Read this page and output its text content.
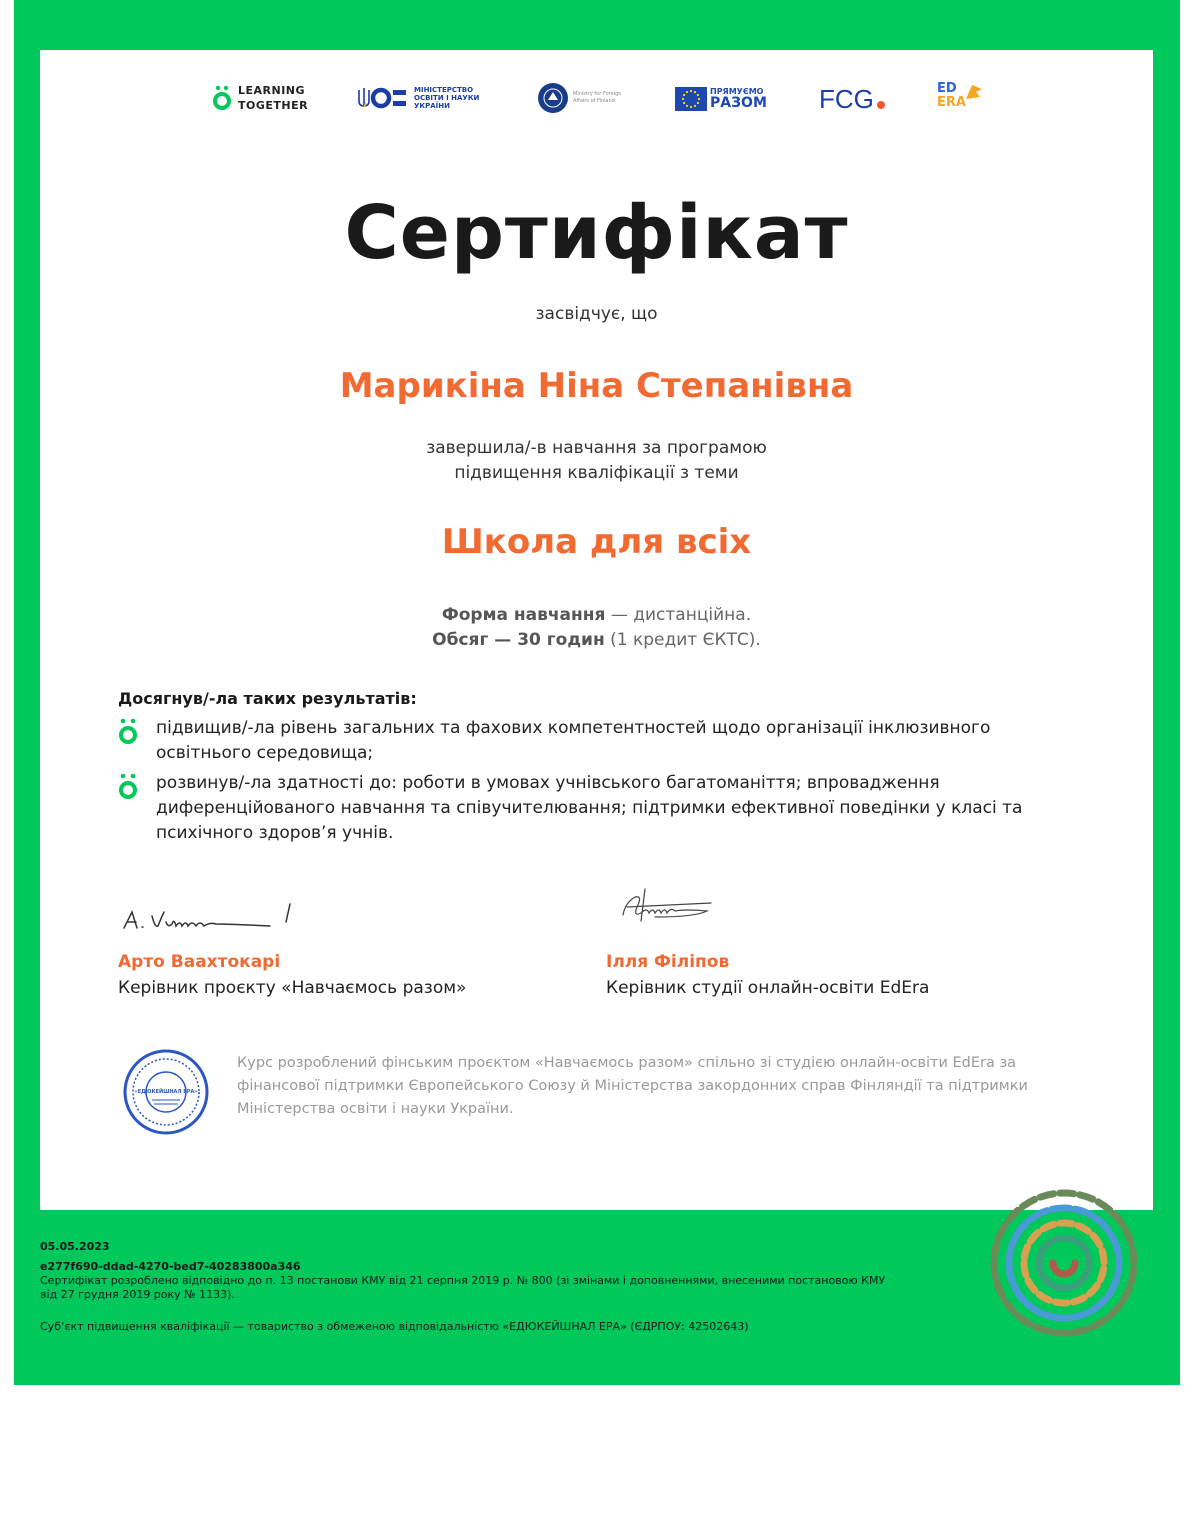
LEARNING
TOGETHER
МІНІСТЕРСТВО
ОСВІТИ І НАУКИ
УКРАЇНИ
Ministry for Foreign
Affairs of Finland
ПРЯМУЄМО
РАЗОМ FCG	ED
ERA
Сертифікат
засвідчує, що
Марикіна Ніна Степанівна
завершила/-в навчання за програмою
підвищення кваліфікації з теми
Школа для всіх
Форма навчання — дистанційна.
Обсяг — 30 годин (1 кредит ЄКТС).
Досягнув/-ла таких результатів:
підвищив/-ла рівень загальних та фахових компетентностей щодо організації інклюзивного освітнього середовища;
розвинув/-ла здатності до: роботи в умовах учнівського багатоманіття; впровадження диференційованого навчання та співучителювання; підтримки ефективної поведінки у класі та психічного здоров’я учнів.
Арто Ваахтокарі
Керівник проєкту «Навчаємось разом»
Ілля Філіпов
Керівник студії онлайн-освіти EdEra
«ЕДЮКЕЙШНАЛ ЕРА»
Курс розроблений фінським проєктом «Навчаємось разом» спільно зі студією онлайн-освіти EdEra за фінансової підтримки Європейського Союзу й Міністерства закордонних справ Фінляндії та підтримки Міністерства освіти і науки України.
05.05.2023
e277f690-ddad-4270-bed7-40283800a346
Сертифікат розроблено відповідно до п. 13 постанови КМУ від 21 серпня 2019 р. № 800 (зі змінами і доповненнями, внесеними постановою КМУ від 27 грудня 2019 року № 1133).
Суб’єкт підвищення кваліфікації — товариство з обмеженою відповідальністю «ЕДЮКЕЙШНАЛ ЕРА» (ЄДРПОУ: 42502643)
